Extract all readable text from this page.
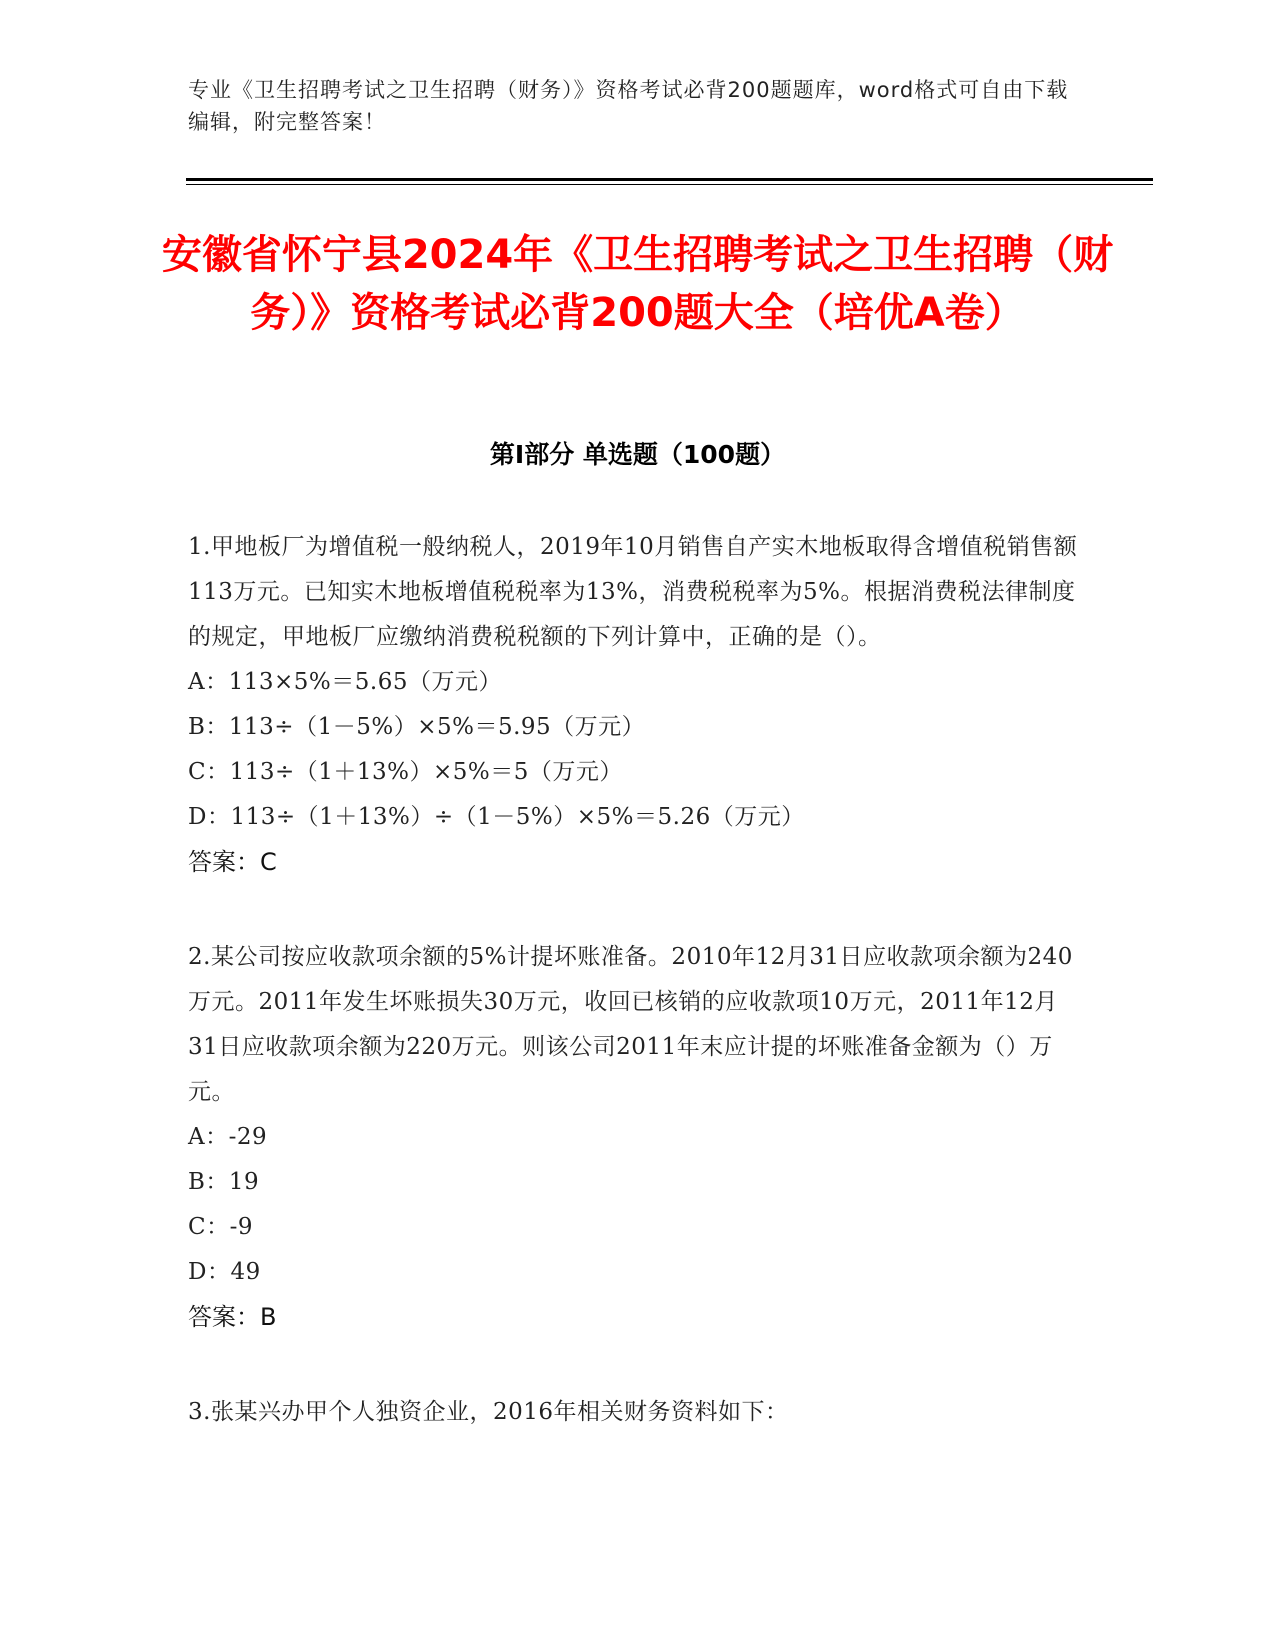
专业《卫生招聘考试之卫生招聘（财务）》资格考试必背200题题库，word格式可自由下载编辑，附完整答案！
安徽省怀宁县2024年《卫生招聘考试之卫生招聘（财务）》资格考试必背200题大全（培优A卷）
第Ⅰ部分 单选题（100题）

1.甲地板厂为增值税一般纳税人，2019年10月销售自产实木地板取得含增值税销售额113万元。已知实木地板增值税税率为13%，消费税税率为5%。根据消费税法律制度的规定，甲地板厂应缴纳消费税税额的下列计算中，正确的是（）。

A：113×5%＝5.65（万元）

B：113÷（1－5%）×5%＝5.95（万元）

C：113÷（1＋13%）×5%＝5（万元）

D：113÷（1＋13%）÷（1－5%）×5%＝5.26（万元）

答案：C

2.某公司按应收款项余额的5%计提坏账准备。2010年12月31日应收款项余额为240万元。2011年发生坏账损失30万元，收回已核销的应收款项10万元，2011年12月31日应收款项余额为220万元。则该公司2011年末应计提的坏账准备金额为（）万元。

A：-29

B：19

C：-9

D：49

答案：B

3.张某兴办甲个人独资企业，2016年相关财务资料如下：
